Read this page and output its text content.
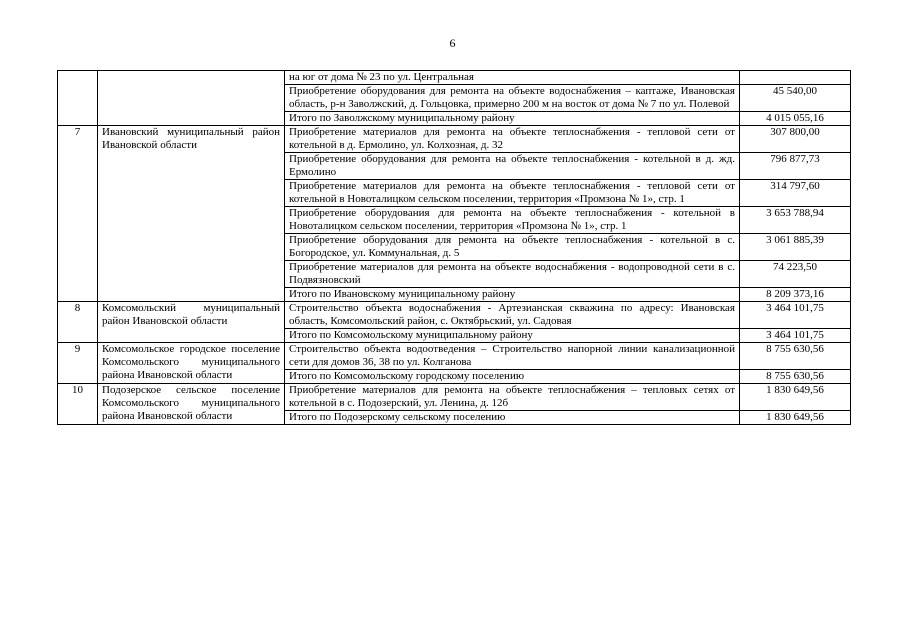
6
		на юг от дома № 23 по ул. Центральная	
		Приобретение оборудования для ремонта на объекте водоснабжения – каптаже, Ивановская область, р-н Заволжский, д. Гольцовка, примерно 200 м на восток от дома № 7 по ул. Полевой	45 540,00
		Итого по Заволжскому муниципальному району	4 015 055,16
7	Ивановский муниципальный район Ивановской области	Приобретение материалов для ремонта на объекте теплоснабжения - тепловой сети от котельной в д. Ермолино, ул. Колхозная, д. 32	307 800,00
		Приобретение оборудования для ремонта на объекте теплоснабжения - котельной в д. жд. Ермолино	796 877,73
		Приобретение материалов для ремонта на объекте теплоснабжения - тепловой сети от котельной в Новоталицком сельском поселении, территория «Промзона № 1», стр. 1	314 797,60
		Приобретение оборудования для ремонта на объекте теплоснабжения - котельной в Новоталицком сельском поселении, территория «Промзона № 1», стр. 1	3 653 788,94
		Приобретение оборудования для ремонта на объекте теплоснабжения - котельной в с. Богородское, ул. Коммунальная, д. 5	3 061 885,39
		Приобретение материалов для ремонта на объекте водоснабжения - водопроводной сети в с. Подвязновский	74 223,50
		Итого по Ивановскому муниципальному району	8 209 373,16
8	Комсомольский муниципальный район Ивановской области	Строительство объекта водоснабжения - Артезианская скважина по адресу: Ивановская область, Комсомольский район, с. Октябрьский, ул. Садовая	3 464 101,75
		Итого по Комсомольскому муниципальному району	3 464 101,75
9	Комсомольское городское поселение Комсомольского муниципального района Ивановской области	Строительство объекта водоотведения – Строительство напорной линии канализационной сети для домов 36, 38 по ул. Колганова	8 755 630,56
		Итого по Комсомольскому городскому поселению	8 755 630,56
10	Подозерское сельское поселение Комсомольского муниципального района Ивановской области	Приобретение материалов для ремонта на объекте теплоснабжения – тепловых сетях от котельной в с. Подозерский, ул. Ленина, д. 12б	1 830 649,56
		Итого по Подозерскому сельскому поселению	1 830 649,56
